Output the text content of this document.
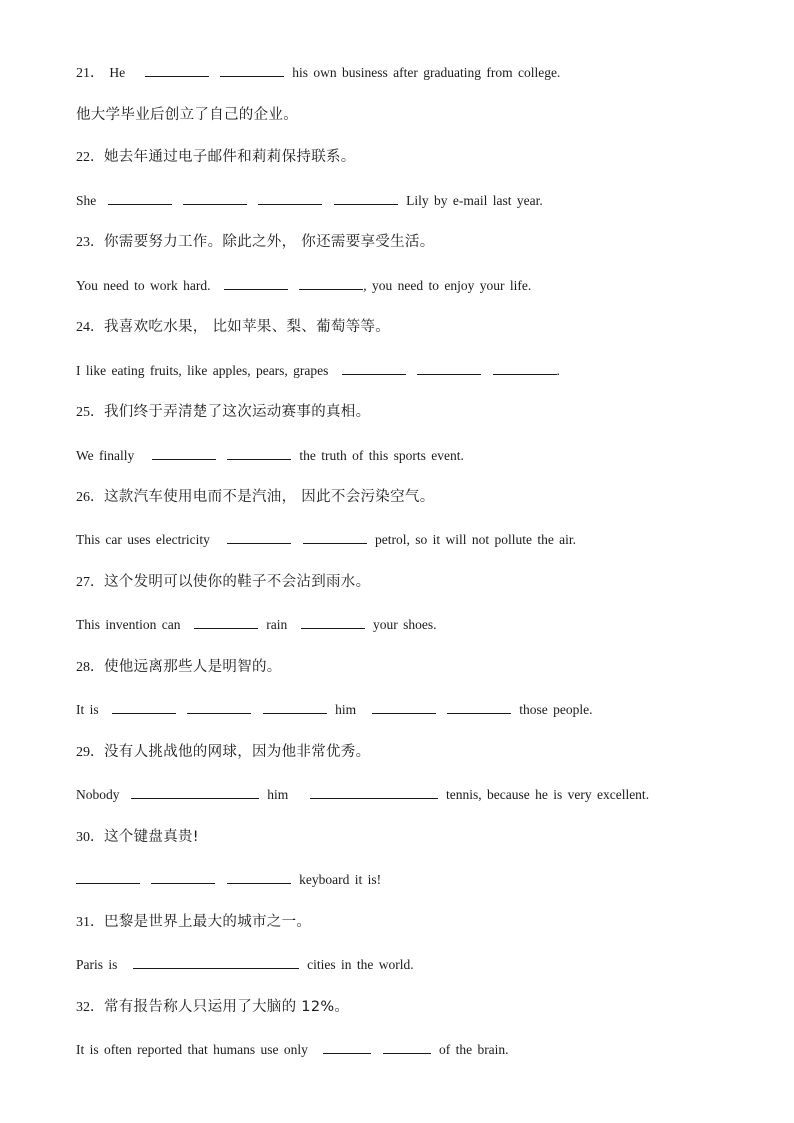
21． He	his own business after graduating from college.
他大学毕业后创立了自己的企业。
22．她去年通过电子邮件和莉莉保持联系。
She	Lily by e-mail last year.
23．你需要努力工作。除此之外， 你还需要享受生活。
You need to work hard.	, you need to enjoy your life.
24．我喜欢吃水果， 比如苹果、梨、葡萄等等。
I like eating fruits, like apples, pears, grapes	.
25．我们终于弄清楚了这次运动赛事的真相。
We finally	the truth of this sports event.
26．这款汽车使用电而不是汽油， 因此不会污染空气。
This car uses electricity	petrol, so it will not pollute the air.
27．这个发明可以使你的鞋子不会沾到雨水。
This invention can	rain	your shoes.
28．使他远离那些人是明智的。
It is	him	those people.
29．没有人挑战他的网球，因为他非常优秀。
Nobody	him	tennis, because he is very excellent.
30．这个键盘真贵!
keyboard it is!
31．巴黎是世界上最大的城市之一。
Paris is	cities in the world.
32．常有报告称人只运用了大脑的 12%。
It is often reported that humans use only	of the brain.
